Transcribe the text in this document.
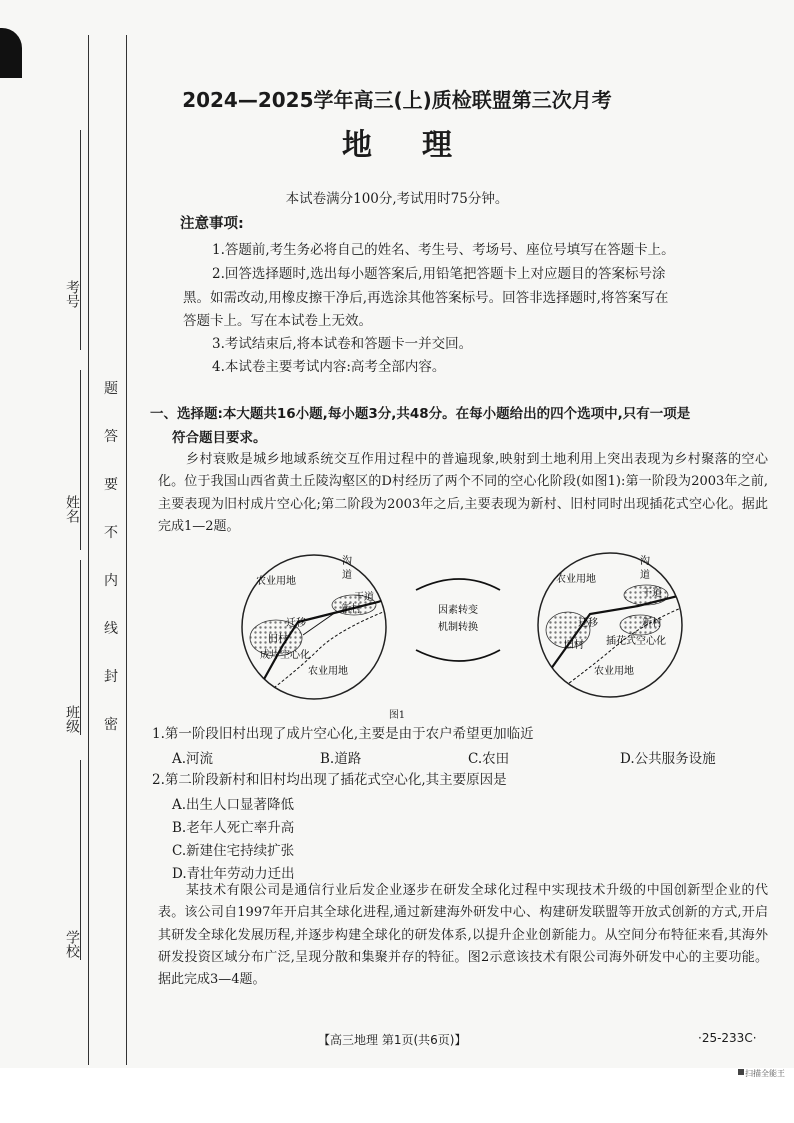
考号
姓名
班级
学校
题
答
要
不
内
线
封
密
2024—2025学年高三(上)质检联盟第三次月考
地理
本试卷满分100分,考试用时75分钟。
注意事项:
1.答题前,考生务必将自己的姓名、考生号、考场号、座位号填写在答题卡上。
2.回答选择题时,选出每小题答案后,用铅笔把答题卡上对应题目的答案标号涂
黑。如需改动,用橡皮擦干净后,再选涂其他答案标号。回答非选择题时,将答案写在
答题卡上。写在本试卷上无效。
3.考试结束后,将本试卷和答题卡一并交回。
4.本试卷主要考试内容:高考全部内容。
一、选择题:本大题共16小题,每小题3分,共48分。在每小题给出的四个选项中,只有一项是
符合题目要求。
乡村衰败是城乡地域系统交互作用过程中的普遍现象,映射到土地利用上突出表现为乡村聚落的空心化。位于我国山西省黄土丘陵沟壑区的D村经历了两个不同的空心化阶段(如图1):第一阶段为2003年之前,主要表现为旧村成片空心化;第二阶段为2003年之后,主要表现为新村、旧村同时出现插花式空心化。据此完成1—2题。
农业用地
沟
道
干道
新村
迁移
旧村
成片空心化
农业用地
因素转变
机制转换
农业用地
沟
道
干道
新村
迁移
旧村 插花式空心化
农业用地
图1
1.第一阶段旧村出现了成片空心化,主要是由于农户希望更加临近
A.河流	B.道路	C.农田	D.公共服务设施
2.第二阶段新村和旧村均出现了插花式空心化,其主要原因是
A.出生人口显著降低
B.老年人死亡率升高
C.新建住宅持续扩张
D.青壮年劳动力迁出
某技术有限公司是通信行业后发企业逐步在研发全球化过程中实现技术升级的中国创新型企业的代表。该公司自1997年开启其全球化进程,通过新建海外研发中心、构建研发联盟等开放式创新的方式,开启其研发全球化发展历程,并逐步构建全球化的研发体系,以提升企业创新能力。从空间分布特征来看,其海外研发投资区域分布广泛,呈现分散和集聚并存的特征。图2示意该技术有限公司海外研发中心的主要功能。据此完成3—4题。
【高三地理 第1页(共6页)】	·25-233C·
扫描全能王
